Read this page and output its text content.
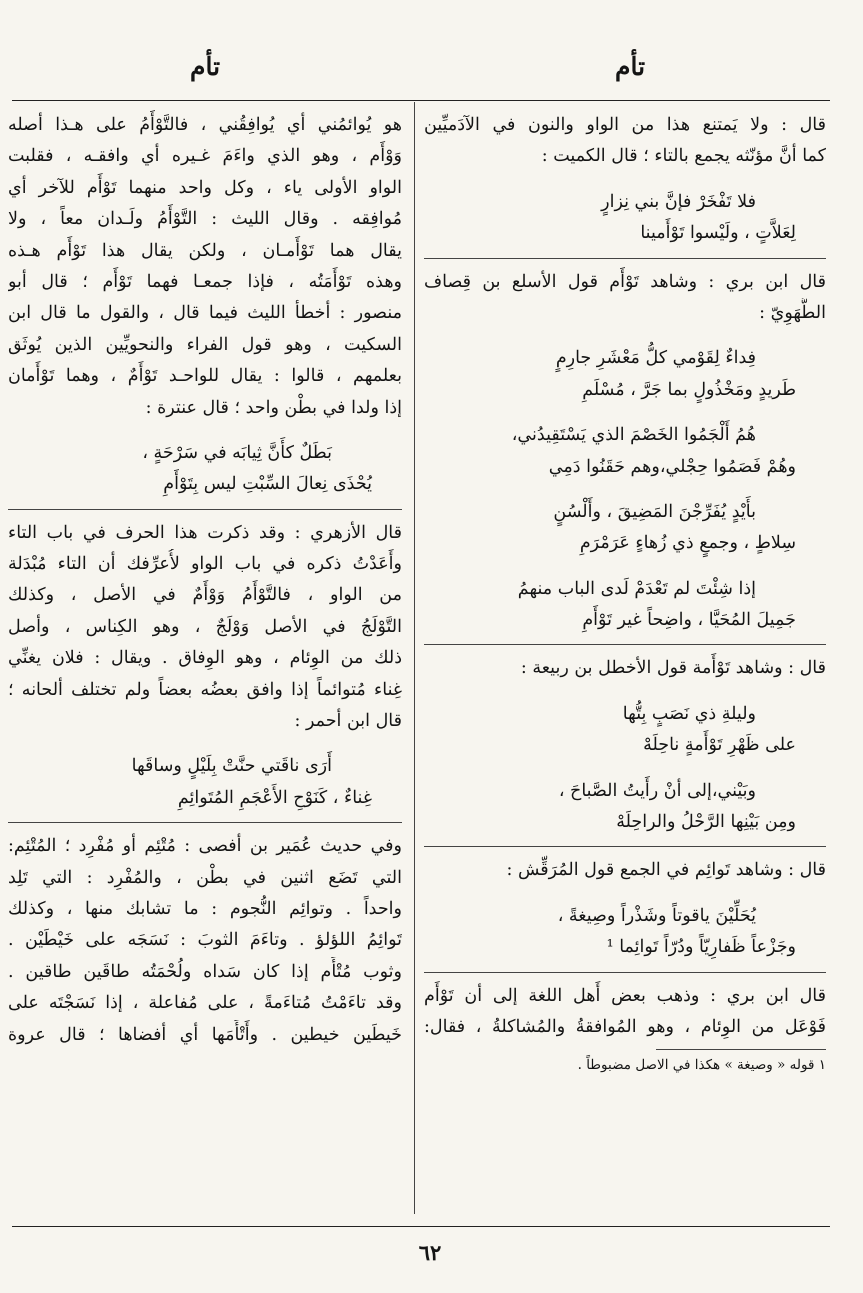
تأم
تأم
قال : ولا يَمتنع هذا من الواو والنون في الآدَميِّين
كما أنَّ مؤنّثه يجمع بالتاء ؛ قال الكميت :
فلا تَفْخَرْ فإنَّ بني نِزارٍ
لِعَلاَّتٍ ، ولَيْسوا تَوْأَمينا
قال ابن بري : وشاهد تَوْأَم قول الأسلع بن قِصاف
الطُّهَوِيّ :
فِداءٌ لِقَوْمي كلُّ مَعْشَرِ جارِمٍ
طَريدٍ ومَخْذُولٍ بما جَرَّ ، مُسْلَمِ
هُمُ أَلْجَمُوا الخَصْمَ الذي يَسْتَقِيدُني،
وهُمْ فَصَمُوا حِجْلي،وهم حَقَنُوا دَمِي
بأَيْدٍ يُفَرِّجْنَ المَضِيقَ ، وأَلْسُنٍ
سِلاطٍ ، وجمعٍ ذي زُهاءٍ عَرَمْرَمِ
إذا شِئْتَ لم تَعْدَمْ لَدى الباب منهمُ
جَمِيلَ المُحَيَّا ، واضِحاً غير تَوْأَمِ
قال : وشاهد تَوْأَمة قول الأخطل بن ربيعة :
وليلةِ ذي نَصَبٍ بِتُّها
على ظَهْرِ تَوْأَمةٍ ناحِلَهْ
وبَيْني،إلى أنْ رأَيتُ الصَّباحَ ،
ومِن بَيْنِها الرَّحْلُ والراحِلَهْ
قال : وشاهد تَوائِم في الجمع قول المُرَقِّش :
يُحَلِّيْنَ ياقوتاً وشَذْراً وصِيغةً ،
وجَزْعاً ظَفارِيّاً ودُرّاً تَوائِما ¹
قال ابن بري : وذهب بعض أَهل اللغة إلى أن تَوْأَم
فَوْعَل من الوِئام ، وهو المُوافقةُ والمُشاكلةُ ، فقال:
١ قوله « وصيغة » هكذا في الاصل مضبوطاً .
هو يُوائمُني أي يُوافِقُني ، فالتَّوْأَمُ على هـذا أصله
وَوْأَم ، وهو الذي واءَمَ غـيره أي وافقـه ، فقلبت
الواو الأولى ياء ، وكل واحد منهما تَوْأَم للآخر أي
مُوافِقه . وقال الليث : التَّوْأَمُ ولَـدان معاً ، ولا
يقال هما تَوْأَمـان ، ولكن يقال هذا تَوْأَم هـذه
وهذه تَوْأَمَتُه ، فإذا جمعـا فهما تَوْأَم ؛ قال أبو
منصور : أخطأ الليث فيما قال ، والقول ما قال ابن
السكيت ، وهو قول الفراء والنحويِّين الذين يُوثَق
بعلمهم ، قالوا : يقال للواحـد تَوْأَمٌ ، وهما تَوْأَمان
إذا ولدا في بطْن واحد ؛ قال عنترة :
بَطَلٌ كأَنَّ ثِيابَه في سَرْحَةٍ ،
يُحْذَى نِعالَ السِّبْتِ ليس بِتَوْأَمِ
قال الأزهري : وقد ذكرت هذا الحرف في باب التاء
وأَعَدْتُ ذكره في باب الواو لأُعرِّفك أن التاء مُبْدَلة
من الواو ، فالتَّوْأَمُ وَوْأَمٌ في الأصل ، وكذلك
التَّوْلَجُ في الأصل وَوْلَجٌ ، وهو الكِناس ، وأصل
ذلك من الوِئام ، وهو الوِفاق . ويقال : فلان يغنِّي
غِناء مُتوائماً إذا وافق بعضُه بعضاً ولم تختلف ألحانه ؛
قال ابن أحمر :
أَرَى ناقَتي حنَّتْ بِلَيْلٍ وساقَها
غِناءٌ ، كَنَوْحِ الأَعْجَمِ المُتَوائِمِ
وفي حديث عُمَير بن أفصى : مُتْئِم أو مُفْرِد ؛ المُتْئِم:
التي تَضَع اثنين في بطْن ، والمُفْرِد : التي تَلِد
واحداً . وتوائِم النُّجوم : ما تشابك منها ، وكذلك
تَوائِمُ اللؤلؤ . وتاءَمَ الثوبَ : نَسَجَه على خَيْطَيْن .
وثوب مُتْأَم إذا كان سَداه ولُحْمَتُه طاقَين طاقين .
وقد تاءَمْتُ مُتاءَمةً ، على مُفاعلة ، إذا نَسَجْتَه على
خَيطَين خيطين . وأَتْأَمَها أي أفضاها ؛ قال عروة
٦٢
